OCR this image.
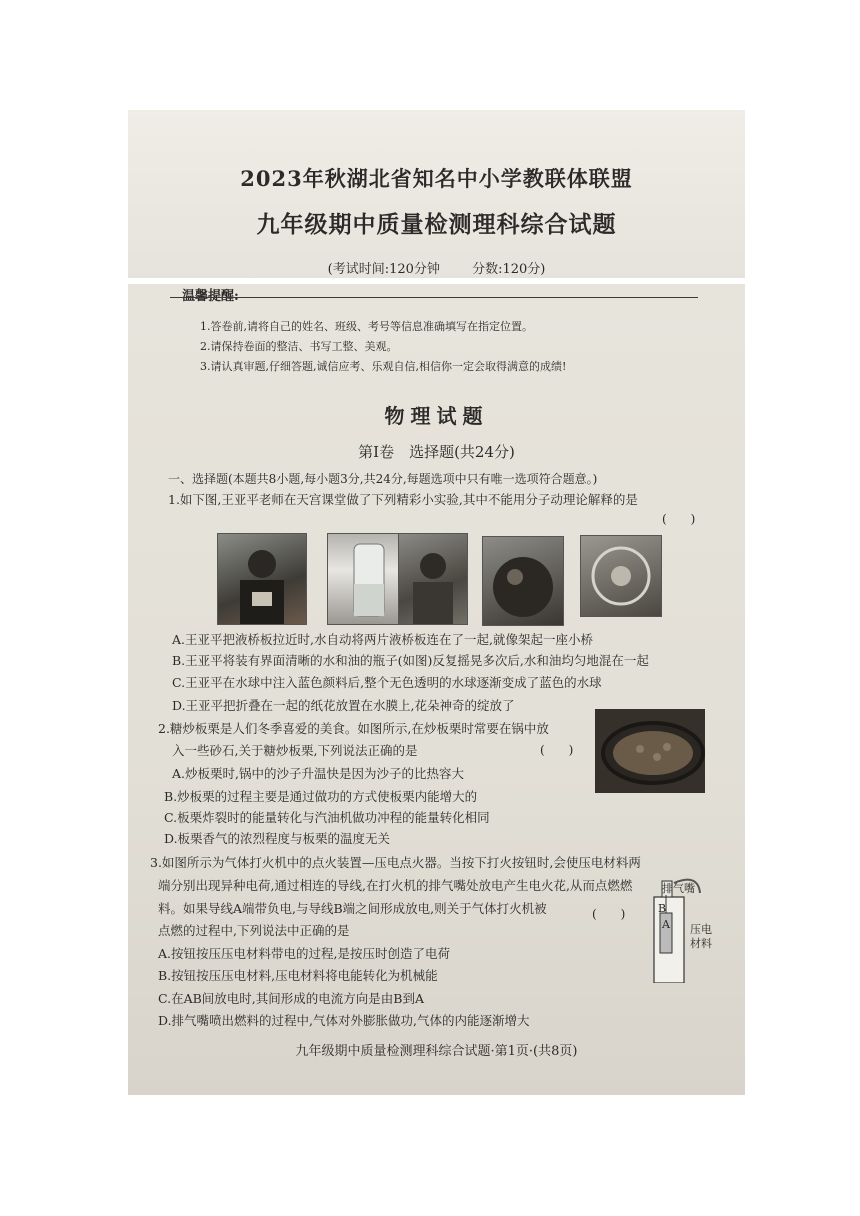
2023年秋湖北省知名中小学教联体联盟
九年级期中质量检测理科综合试题
(考试时间:120分钟 分数:120分)
温馨提醒:
1.答卷前,请将自己的姓名、班级、考号等信息准确填写在指定位置。
2.请保持卷面的整洁、书写工整、美观。
3.请认真审题,仔细答题,诚信应考、乐观自信,相信你一定会取得满意的成绩!
物理试题
第Ⅰ卷　选择题(共24分)
一、选择题(本题共8小题,每小题3分,共24分,每题选项中只有唯一选项符合题意。)
1.如下图,王亚平老师在天宫课堂做了下列精彩小实验,其中不能用分子动理论解释的是
(　　)
A.王亚平把液桥板拉近时,水自动将两片液桥板连在了一起,就像架起一座小桥
B.王亚平将装有界面清晰的水和油的瓶子(如图)反复摇晃多次后,水和油均匀地混在一起
C.王亚平在水球中注入蓝色颜料后,整个无色透明的水球逐渐变成了蓝色的水球
D.王亚平把折叠在一起的纸花放置在水膜上,花朵神奇的绽放了
2.糖炒板栗是人们冬季喜爱的美食。如图所示,在炒板栗时常要在锅中放
入一些砂石,关于糖炒板栗,下列说法正确的是	(　　)
A.炒板栗时,锅中的沙子升温快是因为沙子的比热容大
B.炒板栗的过程主要是通过做功的方式使板栗内能增大的
C.板栗炸裂时的能量转化与汽油机做功冲程的能量转化相同
D.板栗香气的浓烈程度与板栗的温度无关
3.如图所示为气体打火机中的点火装置—压电点火器。当按下打火按钮时,会使压电材料两
端分别出现异种电荷,通过相连的导线,在打火机的排气嘴处放电产生电火花,从而点燃燃
料。如果导线A端带负电,与导线B端之间形成放电,则关于气体打火机被
点燃的过程中,下列说法中正确的是
(　　)
排气嘴
B
A 压电
材料
A.按钮按压压电材料带电的过程,是按压时创造了电荷
B.按钮按压压电材料,压电材料将电能转化为机械能
C.在AB间放电时,其间形成的电流方向是由B到A
D.排气嘴喷出燃料的过程中,气体对外膨胀做功,气体的内能逐渐增大
九年级期中质量检测理科综合试题·第1页·(共8页)
